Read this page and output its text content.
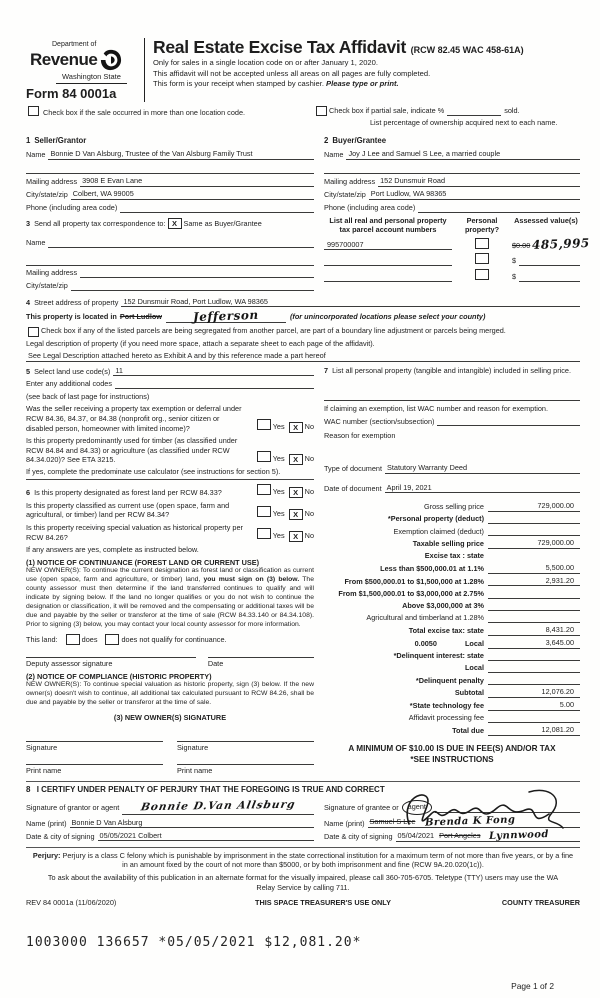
Department of
Revenue
Washington State
Form 84 0001a
Real Estate Excise Tax Affidavit (RCW 82.45 WAC 458-61A)
Only for sales in a single location code on or after January 1, 2020.
This affidavit will not be accepted unless all areas on all pages are fully completed.
This form is your receipt when stamped by cashier. Please type or print.
Check box if the sale occurred in more than one location code.	Check box if partial sale, indicate %	sold.
List percentage of ownership acquired next to each name.
1 Seller/Grantor
Name Bonnie D Van Alsburg, Trustee of the Van Alsburg Family Trust
Mailing address 3908 E Evan Lane
City/state/zip Colbert, WA 99005
Phone (including area code)
3 Send all property tax correspondence to: X Same as Buyer/Grantee
Name
Mailing address
City/state/zip
2 Buyer/Grantee
Name Joy J Lee and Samuel S Lee, a married couple
Mailing address 152 Dunsmuir Road
City/state/zip Port Ludlow, WA 98365
Phone (including area code)
List all real and personal property tax parcel account numbers
Personal property?
Assessed value(s)
995700007	$0.00 485,995
$
$
4 Street address of property 152 Dunsmuir Road, Port Ludlow, WA 98365
This property is located in Port Ludlow	Jefferson	(for unincorporated locations please select your county)
Check box if any of the listed parcels are being segregated from another parcel, are part of a boundary line adjustment or parcels being merged.
Legal description of property (if you need more space, attach a separate sheet to each page of the affidavit).
See Legal Description attached hereto as Exhibit A and by this reference made a part hereof
5 Select land use code(s) 11
Enter any additional codes
(see back of last page for instructions)
Was the seller receiving a property tax exemption or deferral under RCW 84.36, 84.37, or 84.38 (nonprofit org., senior citizen or disabled person, homeowner with limited income)?	Yes X No
Is this property predominantly used for timber (as classified under RCW 84.84 and 84.33) or agriculture (as classified under RCW 84.34.020)? See ETA 3215.	Yes X No
If yes, complete the predominate use calculator (see instructions for section 5).
6 Is this property designated as forest land per RCW 84.33?	Yes X No
Is this property classified as current use (open space, farm and agricultural, or timber) land per RCW 84.34?	Yes X No
Is this property receiving special valuation as historical property per RCW 84.26?	Yes X No
If any answers are yes, complete as instructed below.
(1) NOTICE OF CONTINUANCE (FOREST LAND OR CURRENT USE)
NEW OWNER(S): To continue the current designation as forest land or classification as current use (open space, farm and agriculture, or timber) land, you must sign on (3) below. The county assessor must then determine if the land transferred continues to qualify and will indicate by signing below. If the land no longer qualifies or you do not wish to continue the designation or classification, it will be removed and the compensating or additional taxes will be due and payable by the seller or transferor at the time of sale (RCW 84.33.140 or 84.34.108). Prior to signing (3) below, you may contact your local county assessor for more information.
This land:	does	does not qualify for continuance.
Deputy assessor signature	Date
(2) NOTICE OF COMPLIANCE (HISTORIC PROPERTY)
NEW OWNER(S): To continue special valuation as historic property, sign (3) below. If the new owner(s) doesn't wish to continue, all additional tax calculated pursuant to RCW 84.26, shall be due and payable by the seller or transferor at the time of sale.
(3) NEW OWNER(S) SIGNATURE
Signature	Signature
Print name	Print name
7 List all personal property (tangible and intangible) included in selling price.
If claiming an exemption, list WAC number and reason for exemption.
WAC number (section/subsection)
Reason for exemption
Type of document Statutory Warranty Deed
Date of document April 19, 2021
Gross selling price	729,000.00
*Personal property (deduct)
Exemption claimed (deduct)
Taxable selling price	729,000.00
Excise tax : state
Less than $500,000.01 at 1.1%	5,500.00
From $500,000.01 to $1,500,000 at 1.28%	2,931.20
From $1,500,000.01 to $3,000,000 at 2.75%
Above $3,000,000 at 3%
Agricultural and timberland at 1.28%
Total excise tax: state	8,431.20
0.0050	Local	3,645.00
*Delinquent interest: state
Local
*Delinquent penalty
Subtotal	12,076.20
*State technology fee	5.00
Affidavit processing fee
Total due	12,081.20
A MINIMUM OF $10.00 IS DUE IN FEE(S) AND/OR TAX
*SEE INSTRUCTIONS
8 I CERTIFY UNDER PENALTY OF PERJURY THAT THE FOREGOING IS TRUE AND CORRECT
Signature of grantor or agent	Bonnie D.Van Allsburg
Name (print) Bonnie D Van Alsburg
Date & city of signing 05/05/2021 Colbert
Signature of grantee or	agent
Name (print) Samuel S Lee Brenda K Fong
Date & city of signing 05/04/2021 Port Angeles Lynnwood
Perjury: Perjury is a class C felony which is punishable by imprisonment in the state correctional institution for a maximum term of not more than five years, or by a fine in an amount fixed by the court of not more than $5000, or by both imprisonment and fine (RCW 9A.20.020(1c)).
To ask about the availability of this publication in an alternate format for the visually impaired, please call 360-705-6705. Teletype (TTY) users may use the WA Relay Service by calling 711.
REV 84 0001a (11/06/2020)	THIS SPACE TREASURER'S USE ONLY	COUNTY TREASURER
1003000 136657 *05/05/2021 $12,081.20*
Page 1 of 2
